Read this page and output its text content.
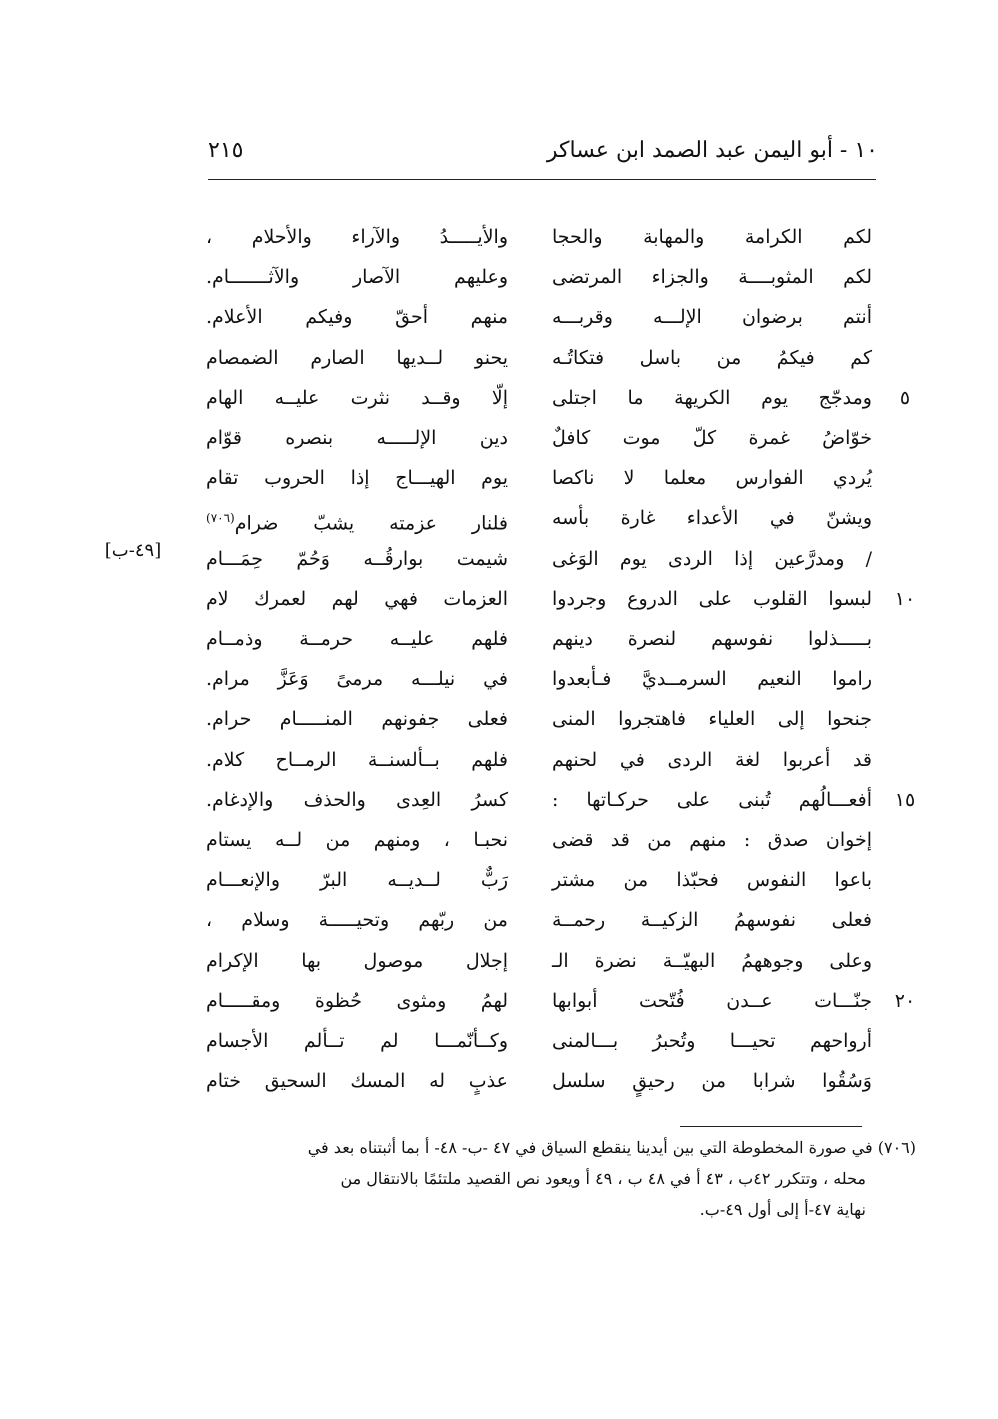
١٠ - أبو اليمن عبد الصمد ابن عساكر
٢١٥
لكم الكرامة والمهابة والحجا
والأيـــــدُ والآراء والأحلام ،
لكم المثوبــــة والجزاء المرتضى
وعليهم الآصار والآثـــــــام.
أنتم برضوان الإلـــه وقربـــه
منهم أحقّ وفيكم الأعلام.
كم فيكمُ من باسل فتكاتُـه
يحنو لــدیها الصارم الضمصام
٥
ومدجّج يوم الكريهة ما اجتلى
إلّا وقــد نثرت عليــه الهام
خوّاضُ غمرة كلّ موت كافلٌ
دين الإلـــــه بنصره قوّام
يُردي الفوارس معلما لا ناكصا
يوم الهيـــاج إذا الحروب تقام
ويشنّ في الأعداء غارة بأسه
فلنار عزمته يشبّ ضرام$^{(٧٠٦)}$
/ ومدرَّعين إذا الردى يوم الوَغى
شيمت بوارقُــه وَحُمّ حِمَـــام
١٠
لبسوا القلوب على الدروع وجردوا
العزمات فهي لهم لعمرك لام
بـــــذلوا نفوسهم لنصرة دينهم
فلهم عليــه حرمــة وذمــام
راموا النعيم السرمــديَّ فـأبعدوا
في نيلـــه مرمىً وَعَزَّ مرام.
جنحوا إلى العلياء فاهتجروا المنى
فعلى جفونهم المنـــــام حرام.
قد أعربوا لغة الردى في لحنهم
فلهم بــألسنــة الرمــاح كلام.
١٥
أفعـــالُهم تُبنى على حركـاتها :
كسرُ العِدى والحذف والإدغام.
إخوان صدق : منهم من قد قضى
نحبـا ، ومنهم من لــه يستام
باعوا النفوس فحبّذا من مشتر
رَبٌّ لــديــه البرّ والإنعـــام
فعلى نفوسهمُ الزكيــة رحمــة
من ربّهم وتحيـــــة وسلام ،
وعلى وجوههمُ البهيّــة نضرة الـ
إجلال موصول بها الإكرام
٢٠
جنّـــات عــدن فُتّحت أبوابها
لهمُ ومثوى حُظوة ومقـــــام
أرواحهم تحيـــا وتُحبرُ بـــالمنى
وكــأنّمـــا لم تــألم الأجسام
وَسُقُوا شرابا من رحيقٍ سلسل
عذبٍ له المسك السحيق ختام
[٤٩-ب]

(٧٠٦) في صورة المخطوطة التي بين أيدينا ينقطع السياق في ٤٧ -ب- ٤٨- أ بما أثبتناه بعد في

محله ، وتتكرر ٤٢ب ، ٤٣ أ في ٤٨ ب ، ٤٩ أ ويعود نص القصيد ملتئمًا بالانتقال من

نهاية ٤٧-أ إلى أول ٤٩-ب.
